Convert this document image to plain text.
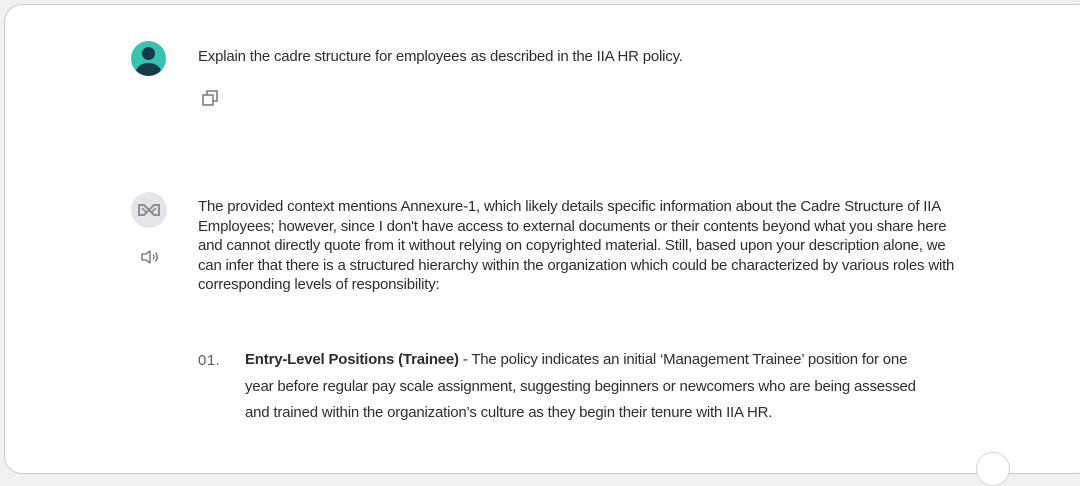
Explain the cadre structure for employees as described in the IIA HR policy.
The provided context mentions Annexure-1, which likely details specific information about the Cadre Structure of IIA Employees; however, since I don't have access to external documents or their contents beyond what you share here and cannot directly quote from it without relying on copyrighted material. Still, based upon your description alone, we can infer that there is a structured hierarchy within the organization which could be characterized by various roles with corresponding levels of responsibility:
01. Entry-Level Positions (Trainee) - The policy indicates an initial ‘Management Trainee’ position for one year before regular pay scale assignment, suggesting beginners or newcomers who are being assessed and trained within the organization’s culture as they begin their tenure with IIA HR.
